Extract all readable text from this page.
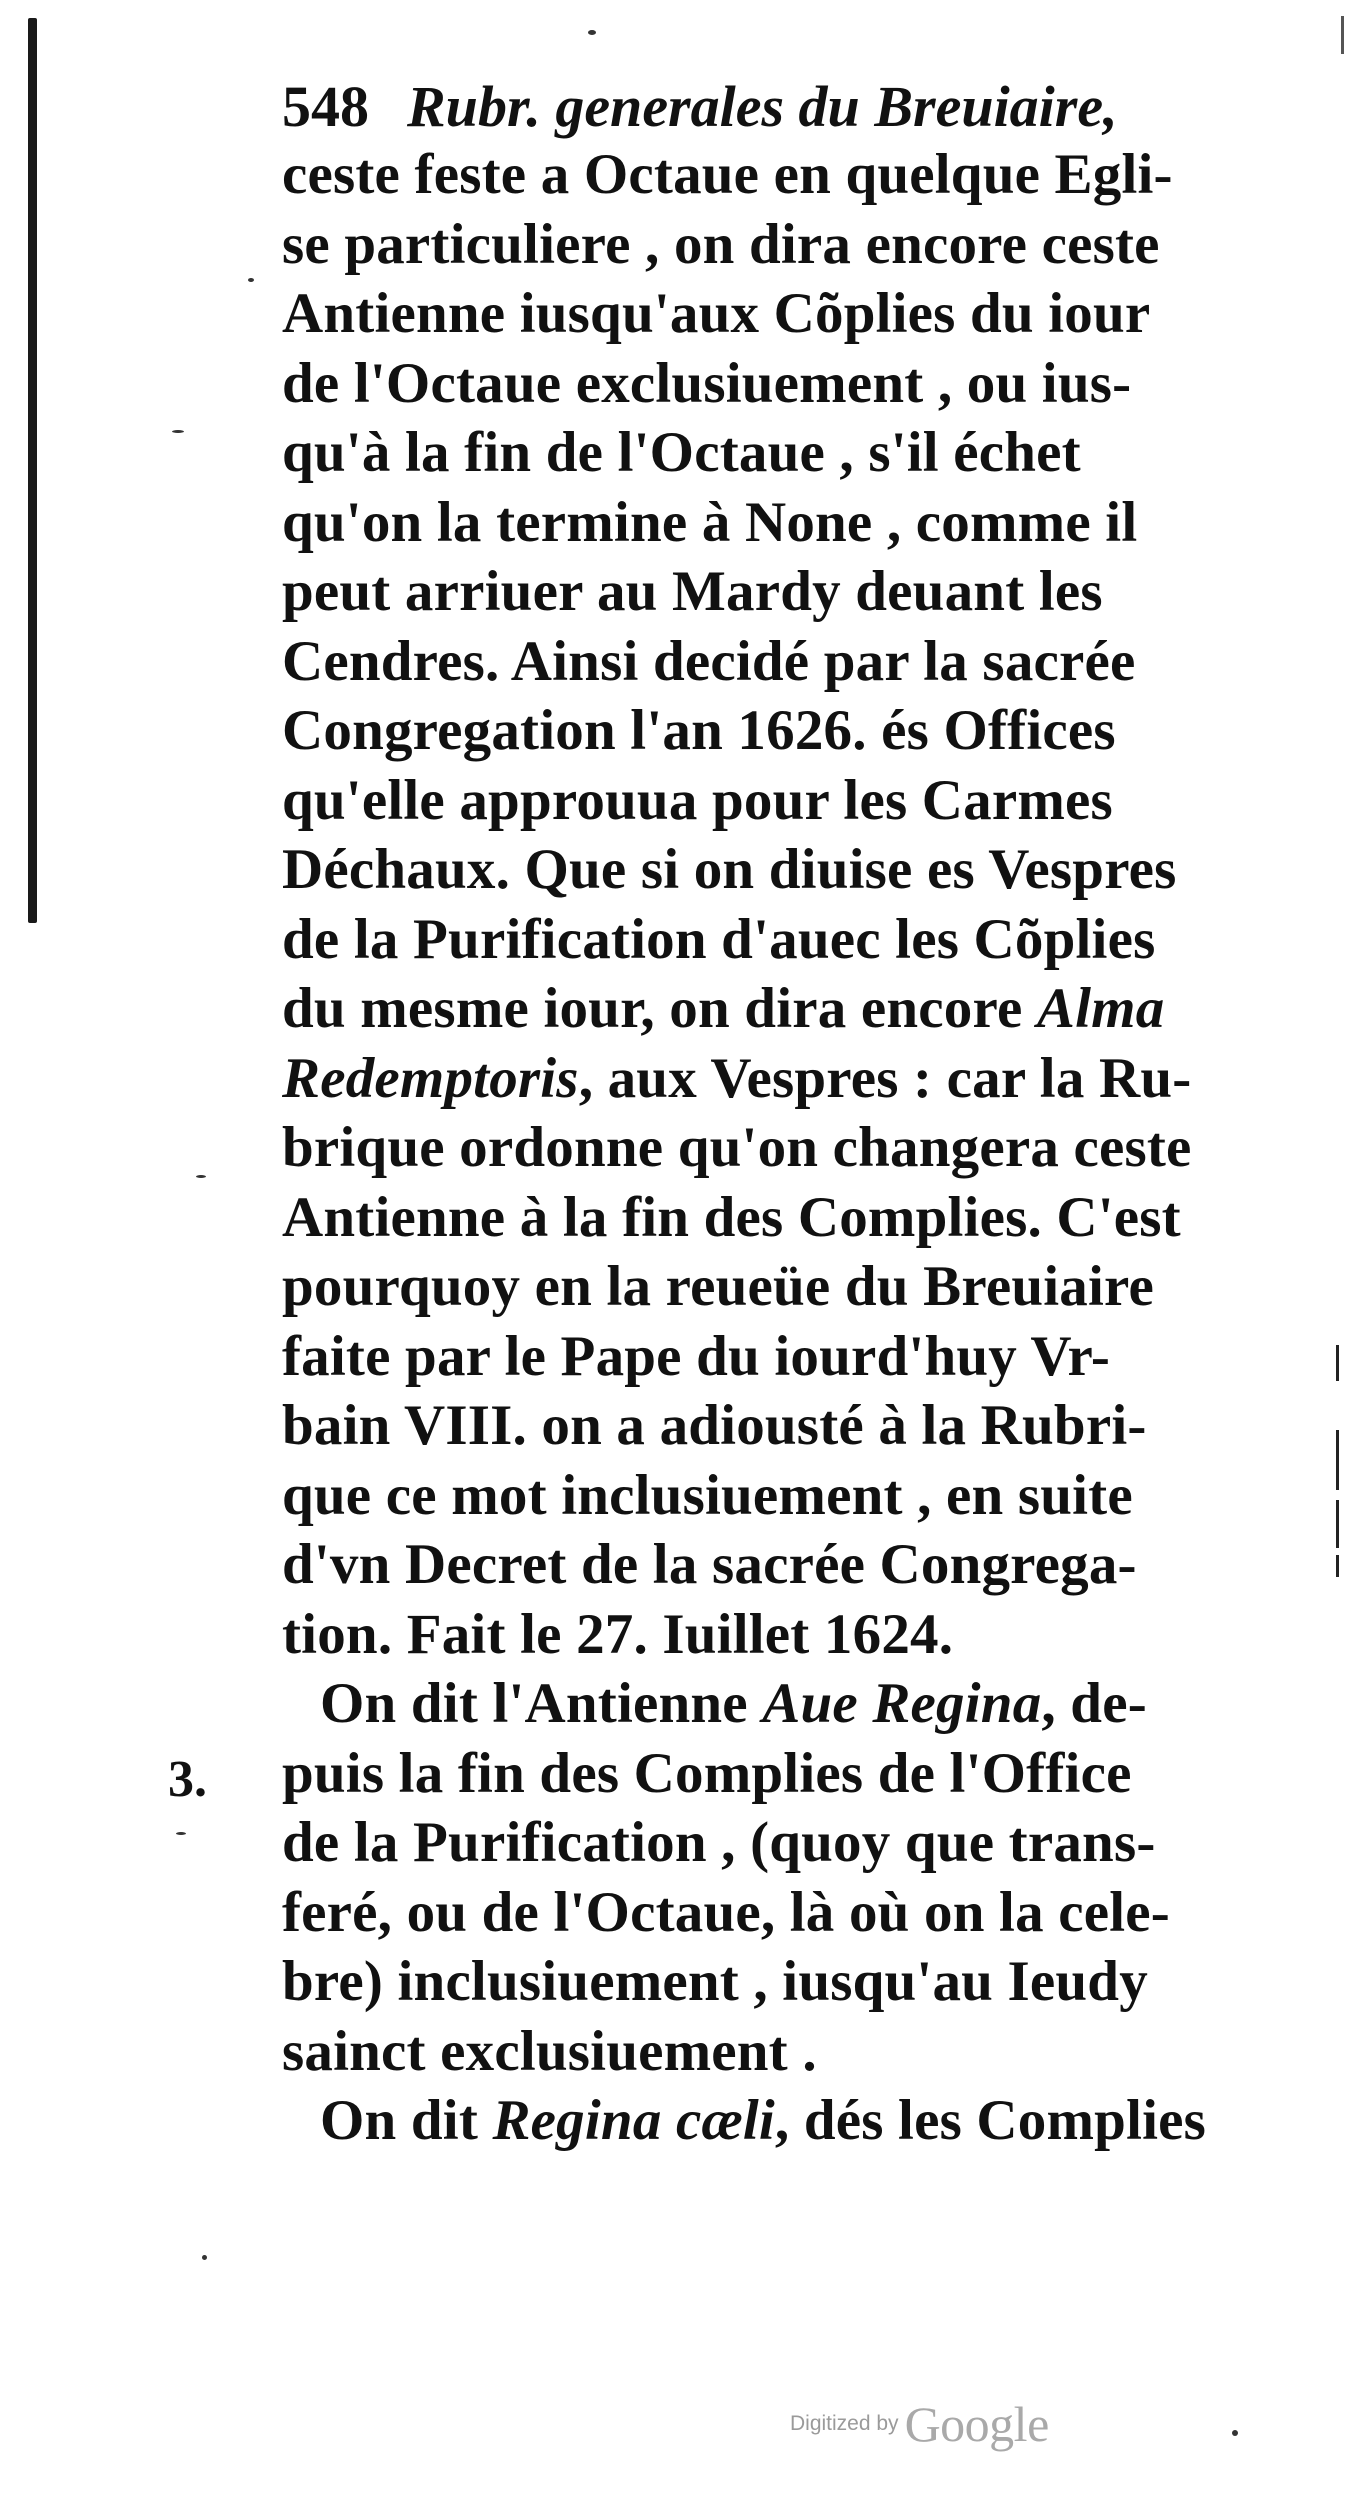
548 Rubr. generales du Breuiaire,
3.
ceste feste a Octaue en quelque Egli-
se particuliere , on dira encore ceste
Antienne iusqu'aux Cõplies du iour
de l'Octaue exclusiuement , ou ius-
qu'à la fin de l'Octaue , s'il échet
qu'on la termine à None , comme il
peut arriuer au Mardy deuant les
Cendres. Ainsi decidé par la sacrée
Congregation l'an 1626. és Offices
qu'elle approuua pour les Carmes
Déchaux. Que si on diuise es Vespres
de la Purification d'auec les Cõplies
du mesme iour, on dira encore Alma
Redemptoris, aux Vespres : car la Ru-
brique ordonne qu'on changera ceste
Antienne à la fin des Complies. C'est
pourquoy en la reueüe du Breuiaire
faite par le Pape du iourd'huy Vr-
bain VIII. on a adiousté à la Rubri-
que ce mot inclusiuement , en suite
d'vn Decret de la sacrée Congrega-
tion. Fait le 27. Iuillet 1624.
On dit l'Antienne Aue Regina, de-
puis la fin des Complies de l'Office
de la Purification , (quoy que trans-
feré, ou de l'Octaue, là où on la cele-
bre) inclusiuement , iusqu'au Ieudy
sainct exclusiuement .
On dit Regina cæli, dés les Complies
Digitized by Google
